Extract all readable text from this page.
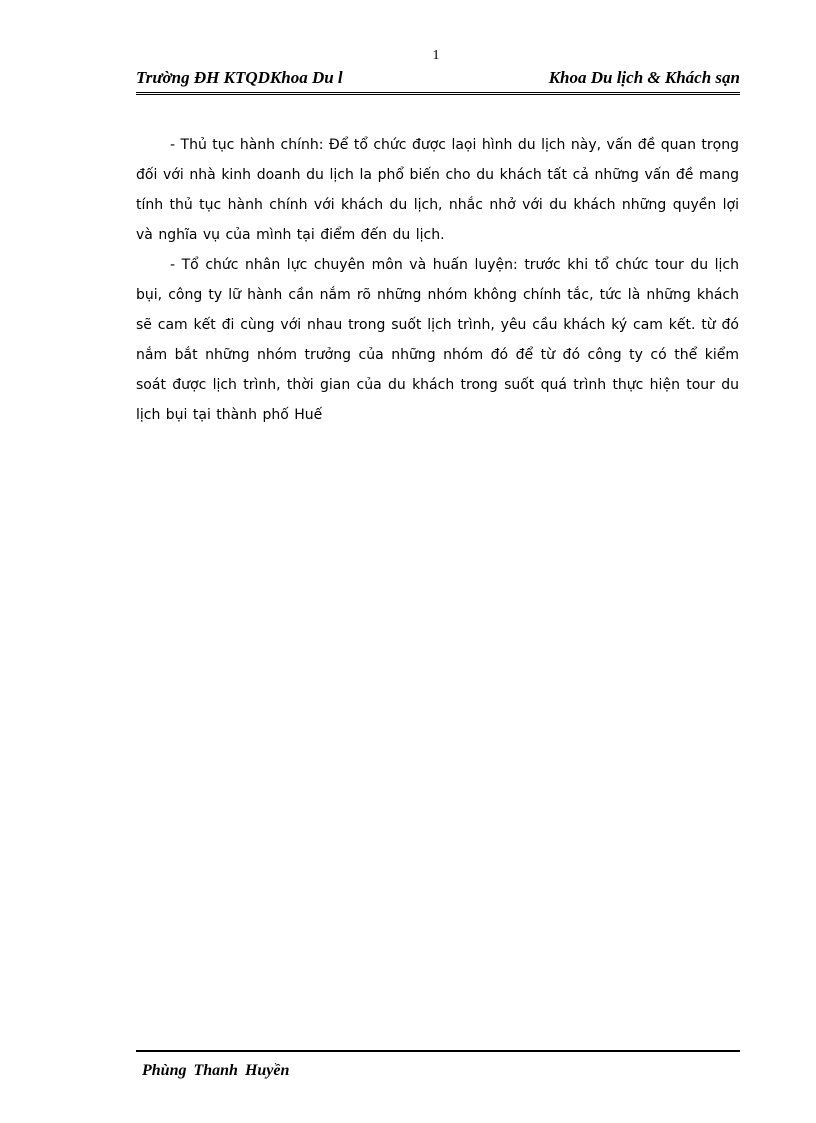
1
Trường ĐH KTQDKhoa Du l	Khoa Du lịch & Khách sạn

- Thủ tục hành chính: Để tổ chức được laọi hình du lịch này, vấn đề quan trọng đối với nhà kinh doanh du lịch la phổ biến cho du khách tất cả những vấn đề mang tính thủ tục hành chính với khách du lịch, nhắc nhở với du khách những quyền lợi và nghĩa vụ của mình tại điểm đến du lịch.

- Tổ chức nhân lực chuyên môn và huấn luyện: trước khi tổ chức tour du lịch bụi, công ty lữ hành cần nắm rõ những nhóm không chính tắc, tức là những khách sẽ cam kết đi cùng với nhau trong suốt lịch trình, yêu cầu khách ký cam kết. từ đó nắm bắt những nhóm trưởng của những nhóm đó để từ đó công ty có thể kiểm soát được lịch trình, thời gian của du khách trong suốt quá trình thực hiện tour du lịch bụi tại thành phố Huế

Phùng Thanh Huyền
